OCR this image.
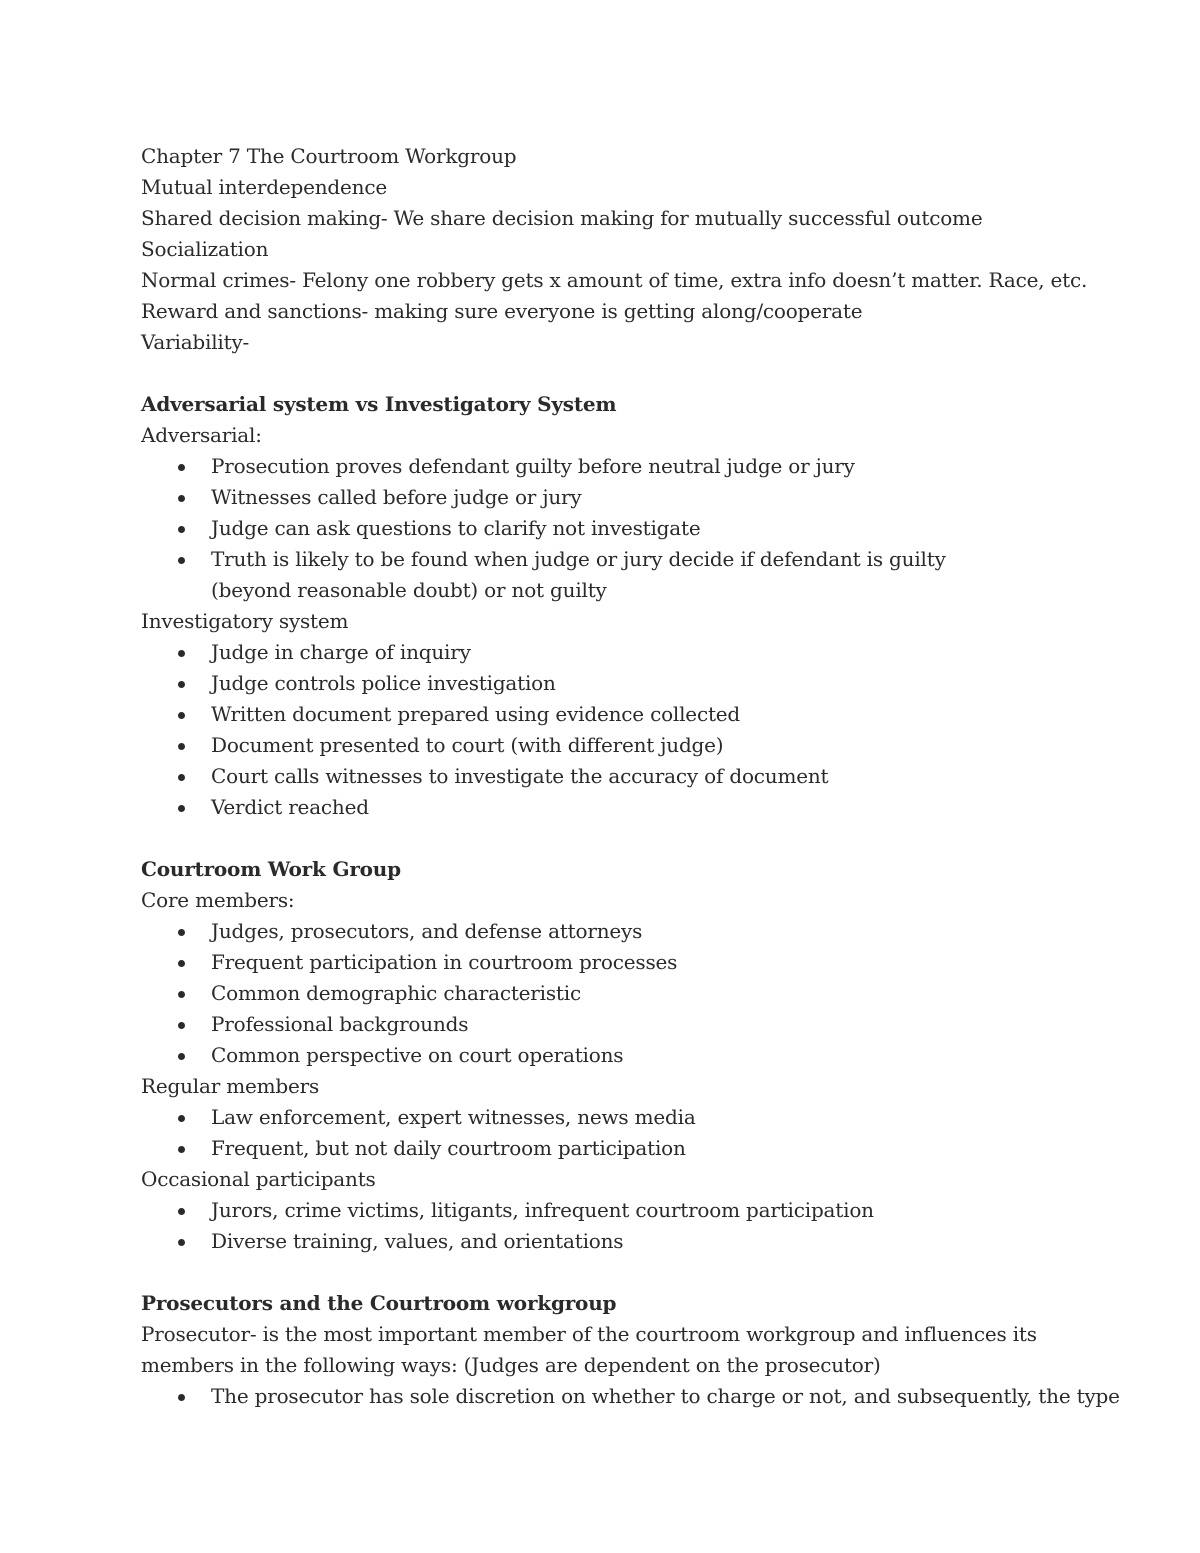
Chapter 7 The Courtroom Workgroup

Mutual interdependence

Shared decision making- We share decision making for mutually successful outcome

Socialization

Normal crimes- Felony one robbery gets x amount of time, extra info doesn’t matter. Race, etc.

Reward and sanctions- making sure everyone is getting along/cooperate

Variability-

Adversarial system vs Investigatory System

Adversarial:

Prosecution proves defendant guilty before neutral judge or jury
Witnesses called before judge or jury
Judge can ask questions to clarify not investigate
Truth is likely to be found when judge or jury decide if defendant is guilty (beyond reasonable doubt) or not guilty

Investigatory system

Judge in charge of inquiry
Judge controls police investigation
Written document prepared using evidence collected
Document presented to court (with different judge)
Court calls witnesses to investigate the accuracy of document
Verdict reached

Courtroom Work Group

Core members:

Judges, prosecutors, and defense attorneys
Frequent participation in courtroom processes
Common demographic characteristic
Professional backgrounds
Common perspective on court operations

Regular members

Law enforcement, expert witnesses, news media
Frequent, but not daily courtroom participation

Occasional participants

Jurors, crime victims, litigants, infrequent courtroom participation
Diverse training, values, and orientations

Prosecutors and the Courtroom workgroup

Prosecutor- is the most important member of the courtroom workgroup and influences its

members in the following ways: (Judges are dependent on the prosecutor)

The prosecutor has sole discretion on whether to charge or not, and subsequently, the type
